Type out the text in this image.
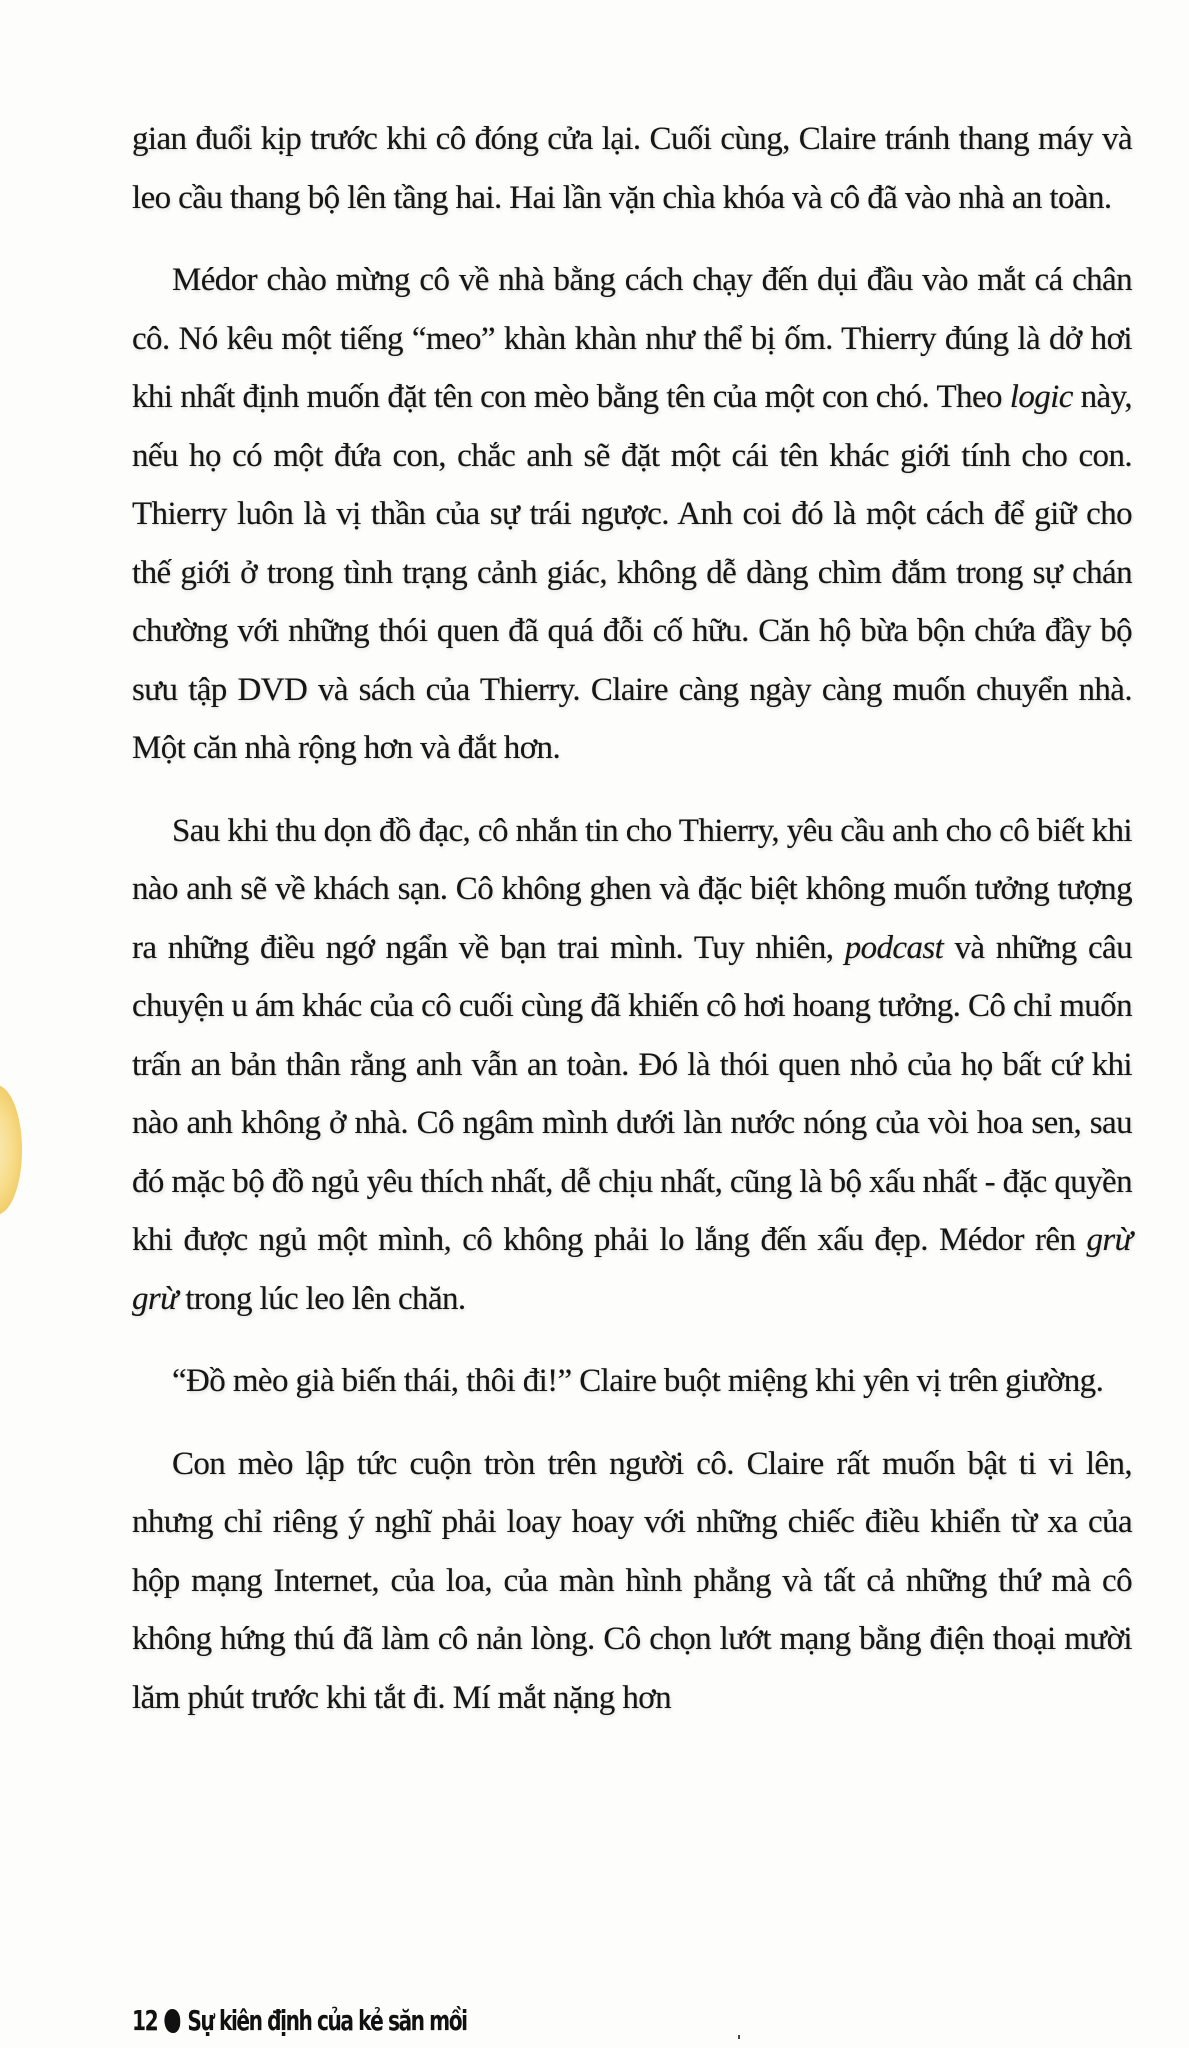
gian đuổi kịp trước khi cô đóng cửa lại. Cuối cùng, Claire tránh thang máy và leo cầu thang bộ lên tầng hai. Hai lần vặn chìa khóa và cô đã vào nhà an toàn.

Médor chào mừng cô về nhà bằng cách chạy đến dụi đầu vào mắt cá chân cô. Nó kêu một tiếng “meo” khàn khàn như thể bị ốm. Thierry đúng là dở hơi khi nhất định muốn đặt tên con mèo bằng tên của một con chó. Theo logic này, nếu họ có một đứa con, chắc anh sẽ đặt một cái tên khác giới tính cho con. Thierry luôn là vị thần của sự trái ngược. Anh coi đó là một cách để giữ cho thế giới ở trong tình trạng cảnh giác, không dễ dàng chìm đắm trong sự chán chường với những thói quen đã quá đỗi cố hữu. Căn hộ bừa bộn chứa đầy bộ sưu tập DVD và sách của Thierry. Claire càng ngày càng muốn chuyển nhà. Một căn nhà rộng hơn và đắt hơn.

Sau khi thu dọn đồ đạc, cô nhắn tin cho Thierry, yêu cầu anh cho cô biết khi nào anh sẽ về khách sạn. Cô không ghen và đặc biệt không muốn tưởng tượng ra những điều ngớ ngẩn về bạn trai mình. Tuy nhiên, podcast và những câu chuyện u ám khác của cô cuối cùng đã khiến cô hơi hoang tưởng. Cô chỉ muốn trấn an bản thân rằng anh vẫn an toàn. Đó là thói quen nhỏ của họ bất cứ khi nào anh không ở nhà. Cô ngâm mình dưới làn nước nóng của vòi hoa sen, sau đó mặc bộ đồ ngủ yêu thích nhất, dễ chịu nhất, cũng là bộ xấu nhất - đặc quyền khi được ngủ một mình, cô không phải lo lắng đến xấu đẹp. Médor rên grừ grừ trong lúc leo lên chăn.

“Đồ mèo già biến thái, thôi đi!” Claire buột miệng khi yên vị trên giường.

Con mèo lập tức cuộn tròn trên người cô. Claire rất muốn bật ti vi lên, nhưng chỉ riêng ý nghĩ phải loay hoay với những chiếc điều khiển từ xa của hộp mạng Internet, của loa, của màn hình phẳng và tất cả những thứ mà cô không hứng thú đã làm cô nản lòng. Cô chọn lướt mạng bằng điện thoại mười lăm phút trước khi tắt đi. Mí mắt nặng hơn

12 Sự kiên định của kẻ săn mồi
